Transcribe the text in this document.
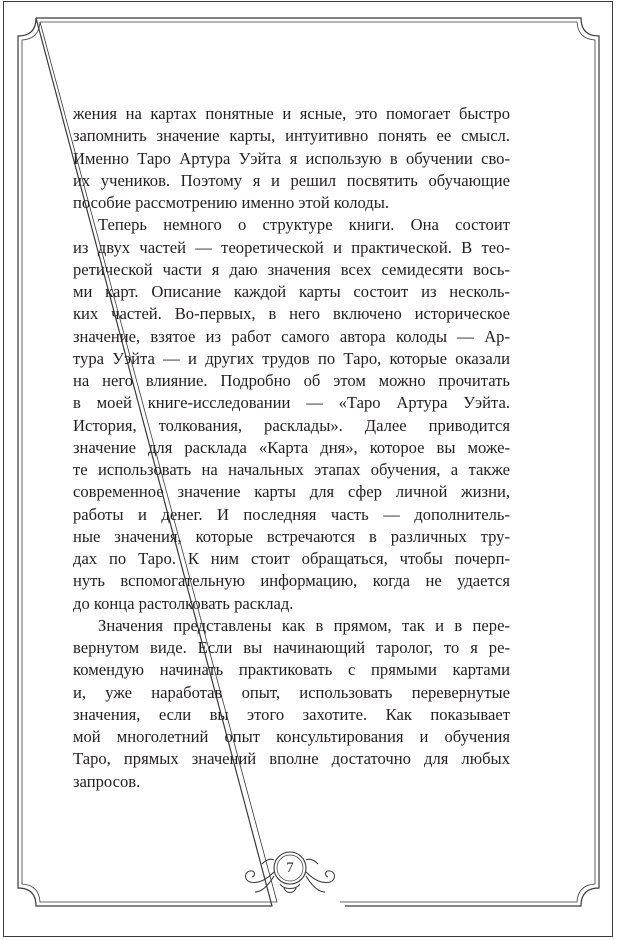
жения на картах понятные и ясные, это помогает быстро
запомнить значение карты, интуитивно понять ее смысл.
Именно Таро Артура Уэйта я использую в обучении сво-
их учеников. Поэтому я и решил посвятить обучающие
пособие рассмотрению именно этой колоды.
Теперь немного о структуре книги. Она состоит
из двух частей — теоретической и практической. В тео-
ретической части я даю значения всех семидесяти вось-
ми карт. Описание каждой карты состоит из несколь-
ких частей. Во-первых, в него включено историческое
значение, взятое из работ самого автора колоды — Ар-
тура Уэйта — и других трудов по Таро, которые оказали
на него влияние. Подробно об этом можно прочитать
в моей книге-исследовании — «Таро Артура Уэйта.
История, толкования, расклады». Далее приводится
значение для расклада «Карта дня», которое вы може-
те использовать на начальных этапах обучения, а также
современное значение карты для сфер личной жизни,
работы и денег. И последняя часть — дополнитель-
ные значения, которые встречаются в различных тру-
дах по Таро. К ним стоит обращаться, чтобы почерп-
нуть вспомогательную информацию, когда не удается
до конца растолковать расклад.
Значения представлены как в прямом, так и в пере-
вернутом виде. Если вы начинающий таролог, то я ре-
комендую начинать практиковать с прямыми картами
и, уже наработав опыт, использовать перевернутые
значения, если вы этого захотите. Как показывает
мой многолетний опыт консультирования и обучения
Таро, прямых значений вполне достаточно для любых
запросов.
7
